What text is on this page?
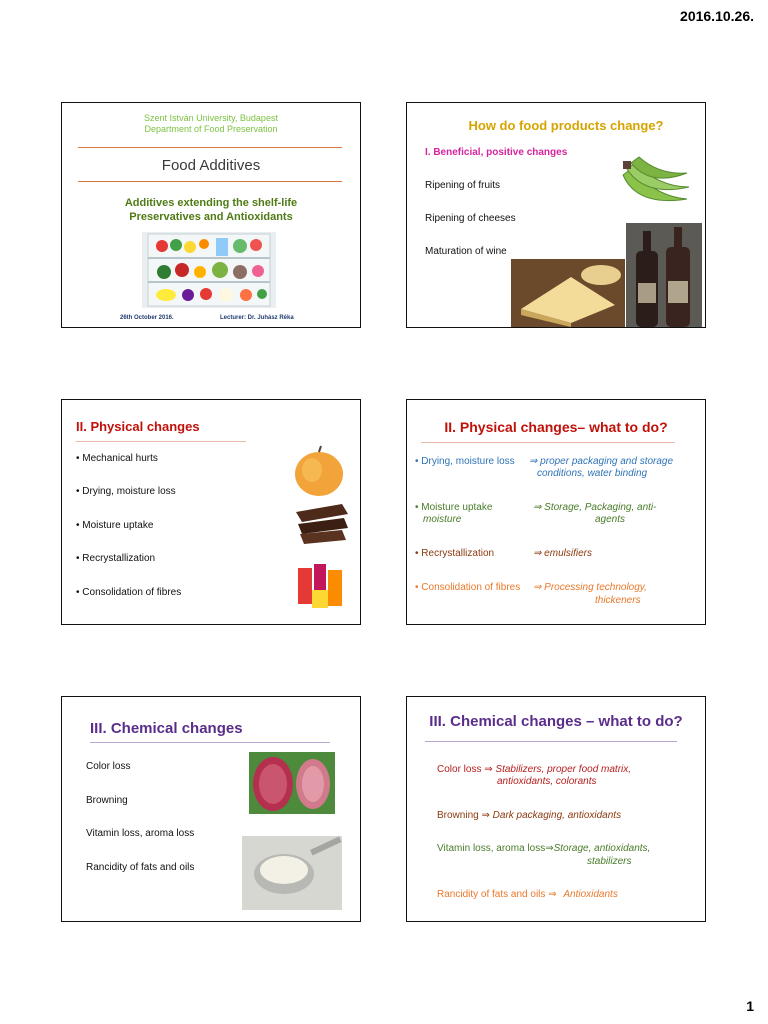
2016.10.26.
Szent István University, Budapest
Department of Food Preservation
Food Additives
Additives extending the shelf-life
Preservatives and Antioxidants
26th October 2016.	Lecturer: Dr. Juhász Réka
How do food products change?
I. Beneficial, positive changes
Ripening of fruits
Ripening of cheeses
Maturation of wine
II. Physical changes
• Mechanical hurts
• Drying, moisture loss
• Moisture uptake
• Recrystallization
• Consolidation of fibres
II. Physical changes– what to do?
• Drying, moisture loss ⇒ proper packaging and storage
conditions, water binding
• Moisture uptake
moisture
⇒ Storage, Packaging, anti-
agents
• Recrystallization	⇒ emulsifiers
• Consolidation of fibres ⇒ Processing technology,
thickeners
III. Chemical changes
Color loss
Browning
Vitamin loss, aroma loss
Rancidity of fats and oils
III. Chemical changes – what to do?
Color loss ⇒ Stabilizers, proper food matrix,
antioxidants, colorants
Browning ⇒ Dark packaging, antioxidants
Vitamin loss, aroma loss⇒Storage, antioxidants,
stabilizers
Rancidity of fats and oils ⇒ Antioxidants
1
